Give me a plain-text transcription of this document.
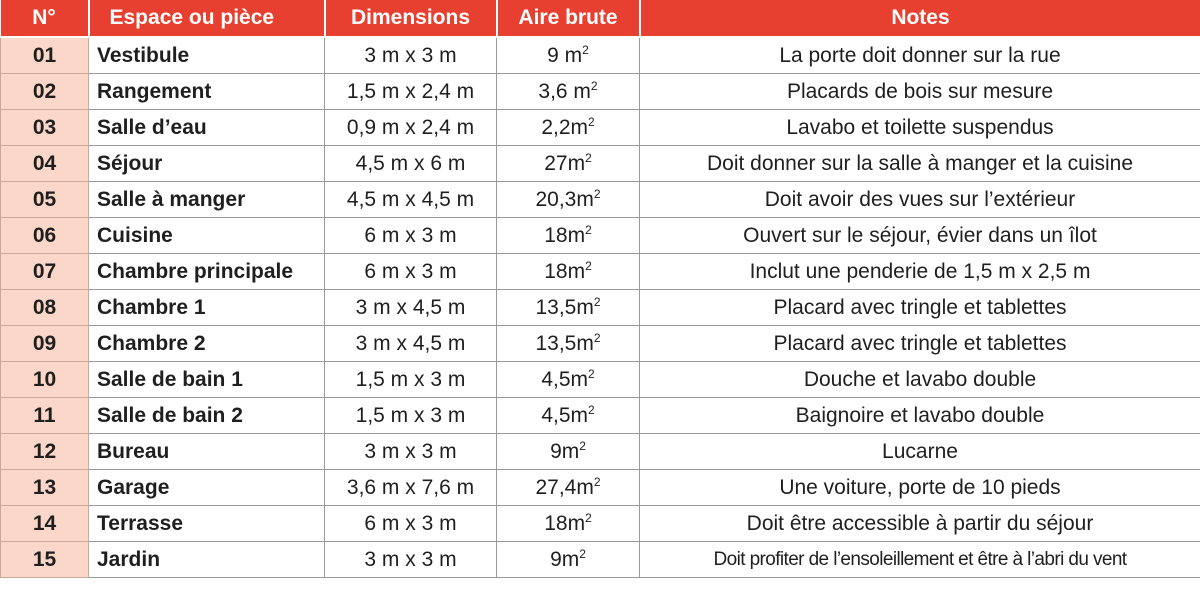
N°	Espace ou pièce	Dimensions	Aire brute	Notes
01	Vestibule	3 m x 3 m	9 $m^2$	La porte doit donner sur la rue
02	Rangement	1,5 m x 2,4 m	3,6 $m^2$	Placards de bois sur mesure
03	Salle d’eau	0,9 m x 2,4 m	$2,2m^2$	Lavabo et toilette suspendus
04	Séjour	4,5 m x 6 m	$27m^2$	Doit donner sur la salle à manger et la cuisine
05	Salle à manger	4,5 m x 4,5 m	$20,3m^2$	Doit avoir des vues sur l’extérieur
06	Cuisine	6 m x 3 m	$18m^2$	Ouvert sur le séjour, évier dans un îlot
07	Chambre principale	6 m x 3 m	$18m^2$	Inclut une penderie de 1,5 m x 2,5 m
08	Chambre 1	3 m x 4,5 m	$13,5m^2$	Placard avec tringle et tablettes
09	Chambre 2	3 m x 4,5 m	$13,5m^2$	Placard avec tringle et tablettes
10	Salle de bain 1	1,5 m x 3 m	$4,5m^2$	Douche et lavabo double
11	Salle de bain 2	1,5 m x 3 m	$4,5m^2$	Baignoire et lavabo double
12	Bureau	3 m x 3 m	$9m^2$	Lucarne
13	Garage	3,6 m x 7,6 m	$27,4m^2$	Une voiture, porte de 10 pieds
14	Terrasse	6 m x 3 m	$18m^2$	Doit être accessible à partir du séjour
15	Jardin	3 m x 3 m	$9m^2$	Doit profiter de l’ensoleillement et être à l’abri du vent
